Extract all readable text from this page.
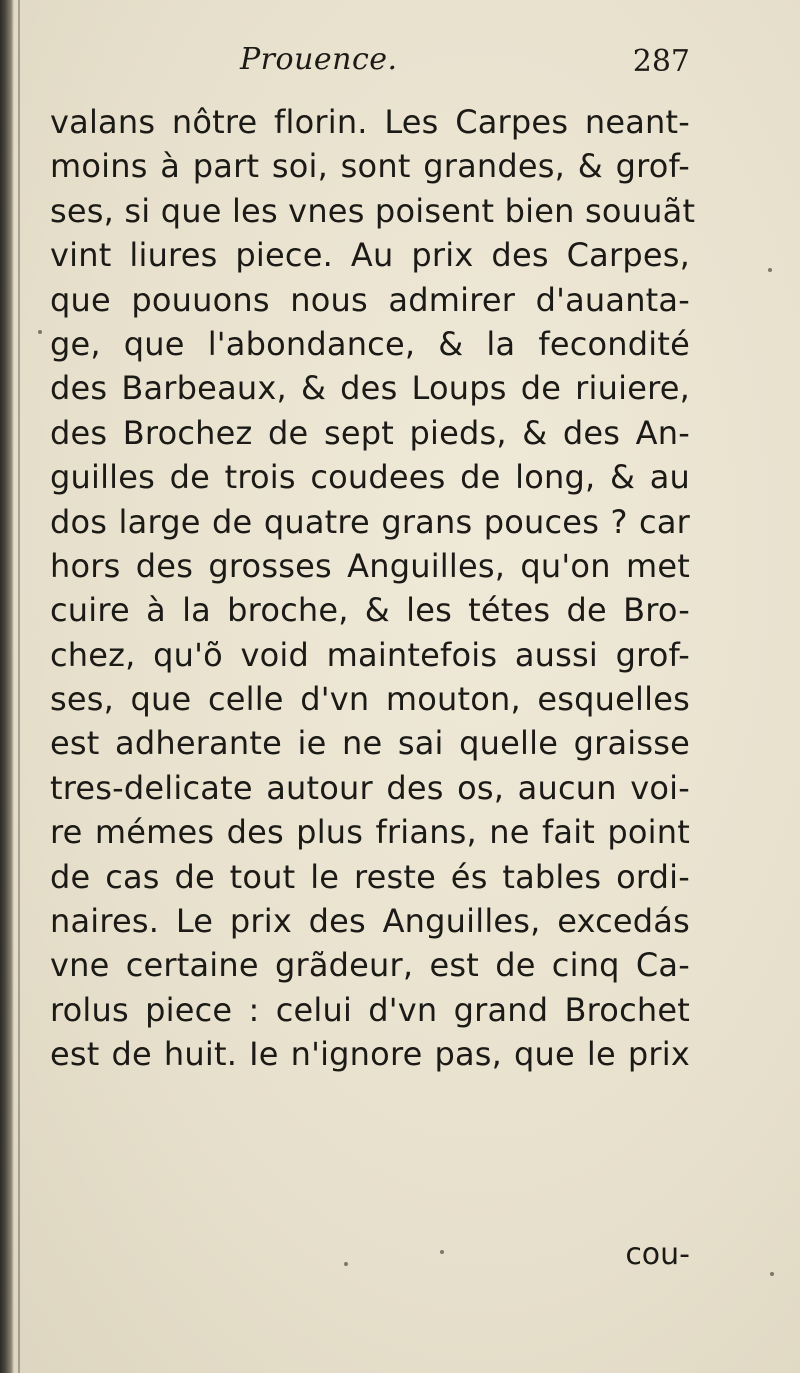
Prouence.	287
valans nôtre florin. Les Carpes neant-
moins à part soi, sont grandes, & grof-
ses, si que les vnes poisent bien souuãt
vint liures piece. Au prix des Carpes,
que pouuons nous admirer d'auanta-
ge, que l'abondance, & la fecondité
des Barbeaux, & des Loups de riuiere,
des Brochez de sept pieds, & des An-
guilles de trois coudees de long, & au
dos large de quatre grans pouces ? car
hors des grosses Anguilles, qu'on met
cuire à la broche, & les tétes de Bro-
chez, qu'õ void maintefois aussi grof-
ses, que celle d'vn mouton, esquelles
est adherante ie ne sai quelle graisse
tres-delicate autour des os, aucun voi-
re mémes des plus frians, ne fait point
de cas de tout le reste és tables ordi-
naires. Le prix des Anguilles, excedás
vne certaine grãdeur, est de cinq Ca-
rolus piece : celui d'vn grand Brochet
est de huit. Ie n'ignore pas, que le prix
cou-
